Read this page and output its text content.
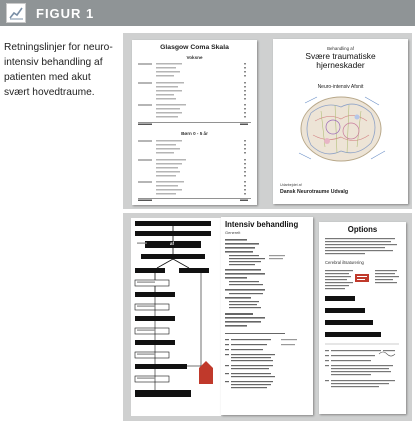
FIGUR 1
Retningslinjer for neuro-intensiv behandling af patienten med akut svært hovedtraume.
Glasgow Coma Skala
Voksne
Børn 0 - 5 år
Behandling af
Svære traumatiske
hjerneskader
Neuro-intensiv Afsnit
Udarbejdet af
Dansk Neurotraume Udvalg
af
Intensiv behandling
Generelt	Options
Cerebral iltsaturering
